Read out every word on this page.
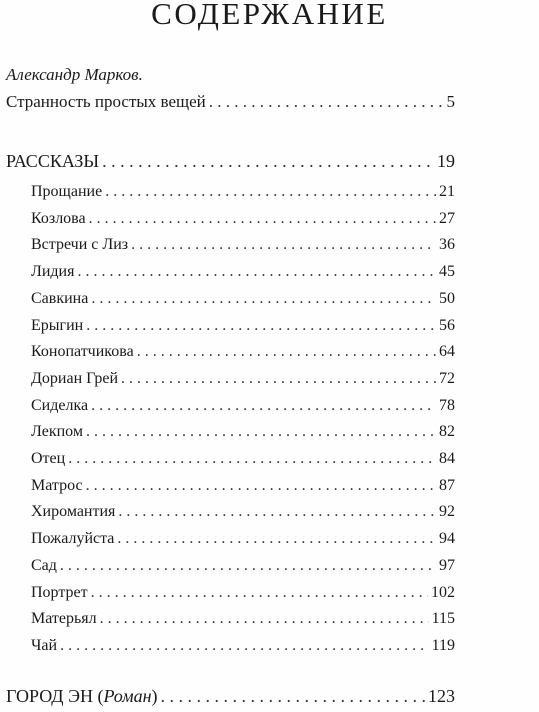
СОДЕРЖАНИЕ
Александр Марков.
Странность простых вещей . . .	5
РАССКАЗЫ . . .	19
Прощание . . .	21
Козлова . . .	27
Встречи с Лиз . . .	36
Лидия . . .	45
Савкина . . .	50
Ерыгин . . .	56
Конопатчикова . . .	64
Дориан Грей . . .	72
Сиделка . . .	78
Лекпом . . .	82
Отец . . .	84
Матрос . . .	87
Хиромантия . . .	92
Пожалуйста . . .	94
Сад . . .	97
Портрет . . .	102
Матерьял . . .	115
Чай . . .	119
ГОРОД ЭН (Роман) . . .	123
